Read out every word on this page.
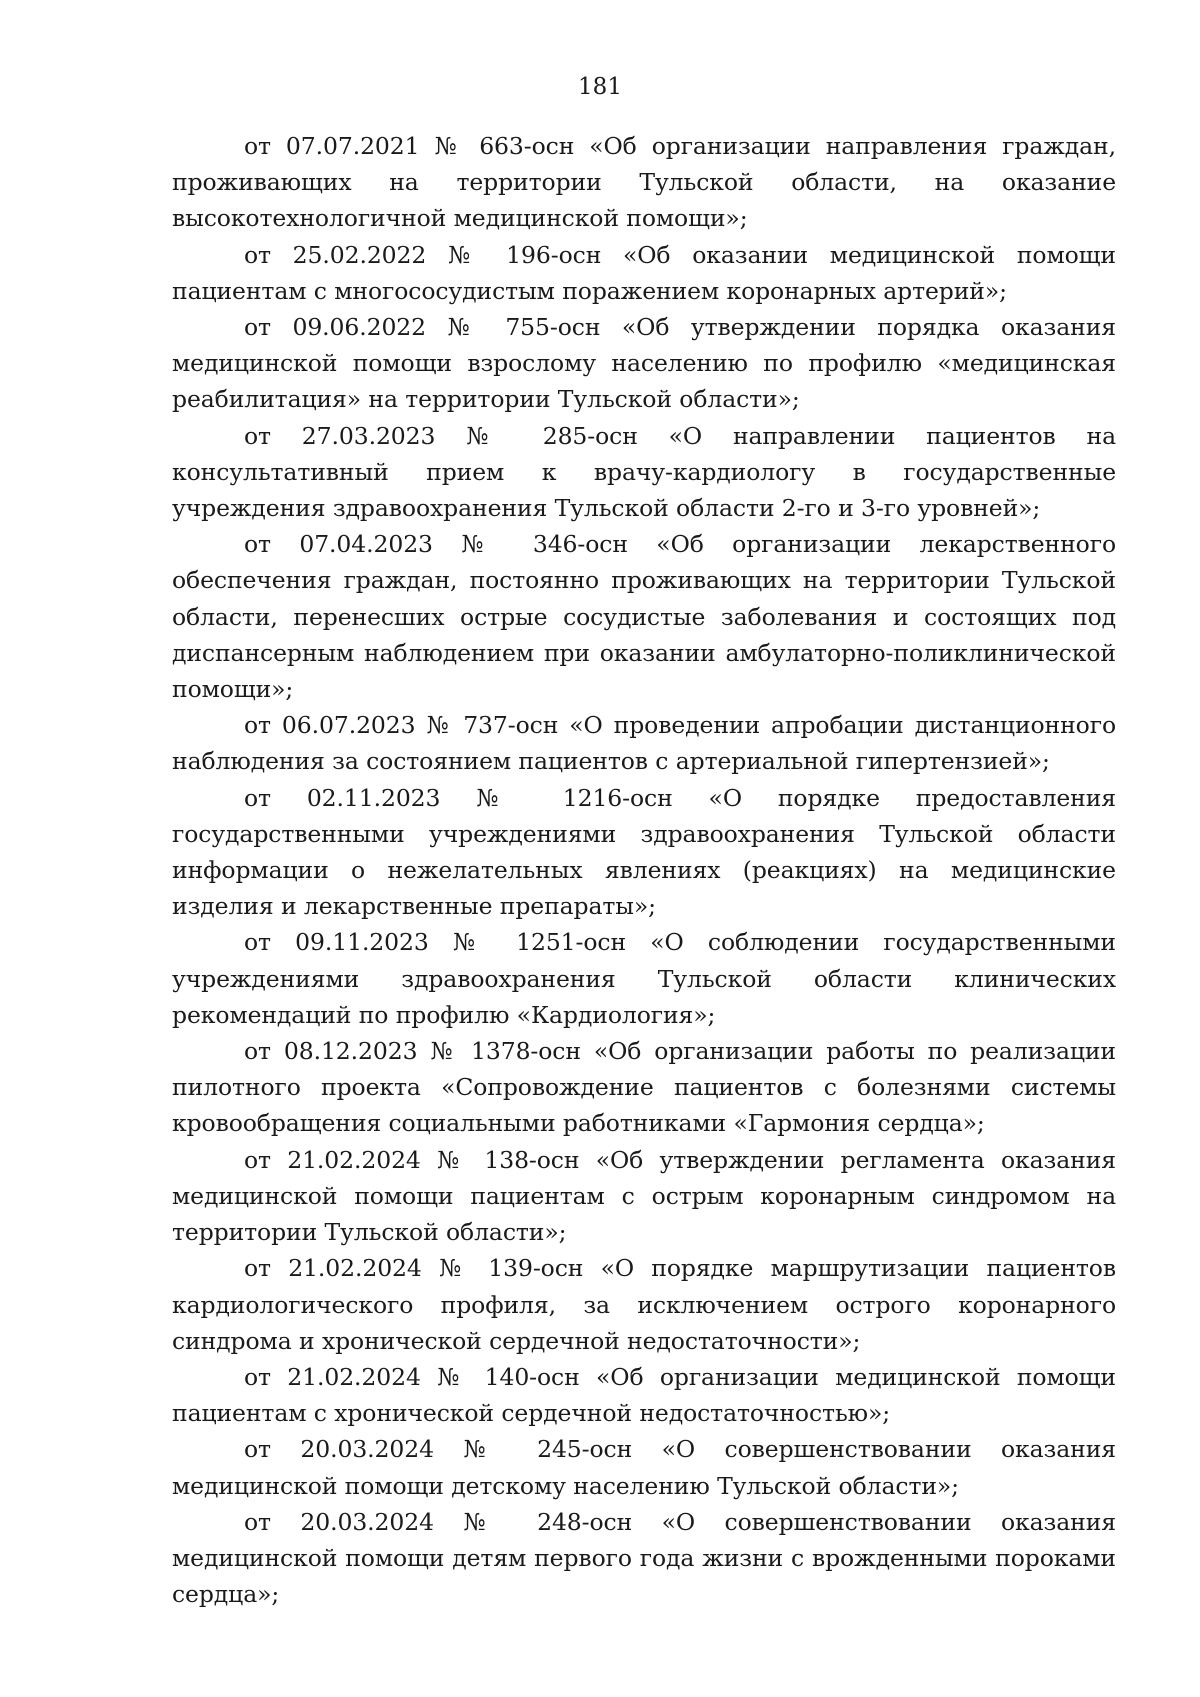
181

от 07.07.2021 № 663-осн «Об организации направления граждан, проживающих на территории Тульской области, на оказание высокотехнологичной медицинской помощи»;

от 25.02.2022 № 196-осн «Об оказании медицинской помощи пациентам с многососудистым поражением коронарных артерий»;

от 09.06.2022 № 755-осн «Об утверждении порядка оказания медицинской помощи взрослому населению по профилю «медицинская реабилитация» на территории Тульской области»;

от 27.03.2023 № 285-осн «О направлении пациентов на консультативный прием к врачу-кардиологу в государственные учреждения здравоохранения Тульской области 2-го и 3-го уровней»;

от 07.04.2023 № 346-осн «Об организации лекарственного обеспечения граждан, постоянно проживающих на территории Тульской области, перенесших острые сосудистые заболевания и состоящих под диспансерным наблюдением при оказании амбулаторно-поликлинической помощи»;

от 06.07.2023 № 737-осн «О проведении апробации дистанционного наблюдения за состоянием пациентов с артериальной гипертензией»;

от 02.11.2023 № 1216-осн «О порядке предоставления государственными учреждениями здравоохранения Тульской области информации о нежелательных явлениях (реакциях) на медицинские изделия и лекарственные препараты»;

от 09.11.2023 № 1251-осн «О соблюдении государственными учреждениями здравоохранения Тульской области клинических рекомендаций по профилю «Кардиология»;

от 08.12.2023 № 1378-осн «Об организации работы по реализации пилотного проекта «Сопровождение пациентов с болезнями системы кровообращения социальными работниками «Гармония сердца»;

от 21.02.2024 № 138-осн «Об утверждении регламента оказания медицинской помощи пациентам с острым коронарным синдромом на территории Тульской области»;

от 21.02.2024 № 139-осн «О порядке маршрутизации пациентов кардиологического профиля, за исключением острого коронарного синдрома и хронической сердечной недостаточности»;

от 21.02.2024 № 140-осн «Об организации медицинской помощи пациентам с хронической сердечной недостаточностью»;

от 20.03.2024 № 245-осн «О совершенствовании оказания медицинской помощи детскому населению Тульской области»;

от 20.03.2024 № 248-осн «О совершенствовании оказания медицинской помощи детям первого года жизни с врожденными пороками сердца»;
